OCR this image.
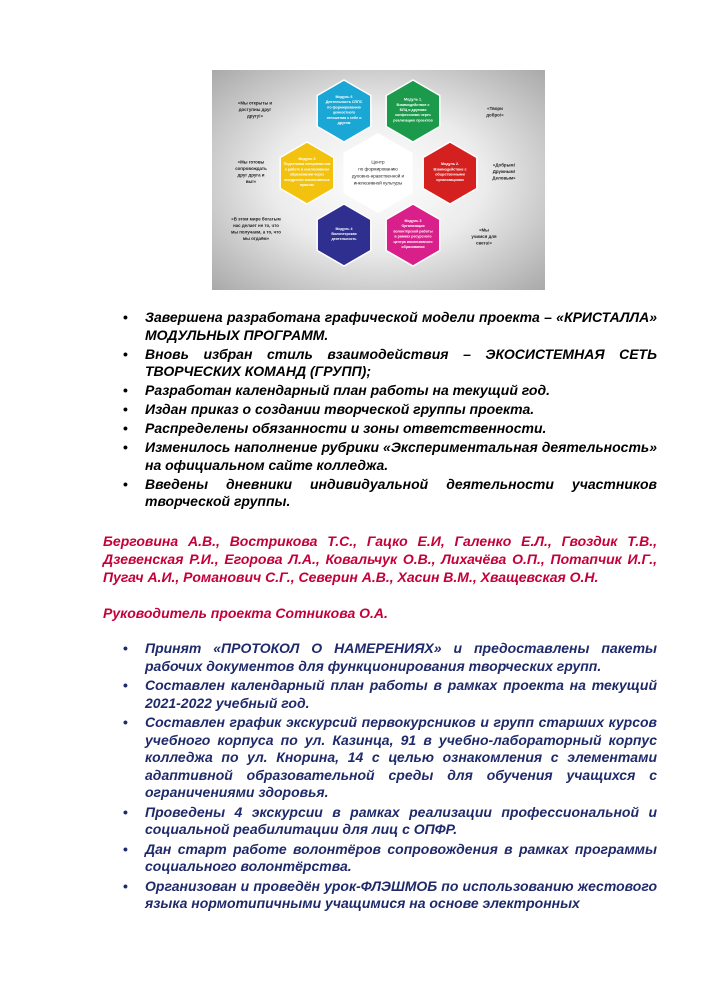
Центр по формированию духовно-нравственной и инклюзивной культуры
Модуль 6 Деятельность СППС по формированию ценностного отношения к себе и другим
Модуль 1. Взаимодействие с БЛЦ и другими конфессиями через реализацию проектов
Модуль 2. Взаимодействие с общественными организациями
Модуль 3 Организация волонтёрской работы в рамках ресурсного центра инклюзивного образования
Модуль 4 Волонтерская деятельность
Модуль 5 Подготовка специалистов к работе в инклюзивном образовании через внедрение инклюзивных практик
«Мы открыты и доступны друг другу!»
«Мы готовы сопровождать друг друга и вы!»
«В этом мире богатым нас делает не то, что мы получаем, а то, что мы отдаём»
«Твори добро!»
«Добрым! Дружным! Деловым»
«Мы учимся для света!»
• Завершена разработана графической модели проекта – «КРИСТАЛЛА» МОДУЛЬНЫХ ПРОГРАММ.
• Вновь избран стиль взаимодействия – ЭКОСИСТЕМНАЯ СЕТЬ ТВОРЧЕСКИХ КОМАНД (ГРУПП);
• Разработан календарный план работы на текущий год.
• Издан приказ о создании творческой группы проекта.
• Распределены обязанности и зоны ответственности.
• Изменилось наполнение рубрики «Экспериментальная деятельность» на официальном сайте колледжа.
• Введены дневники индивидуальной деятельности участников творческой группы.

Берговина А.В., Вострикова Т.С., Гацко Е.И, Галенко Е.Л., Гвоздик Т.В., Дзевенская Р.И., Егорова Л.А., Ковальчук О.В., Лихачёва О.П., Потапчик И.Г., Пугач А.И., Романович С.Г., Северин А.В., Хасин В.М., Хващевская О.Н.

Руководитель проекта Сотникова О.А.

• Принят «ПРОТОКОЛ О НАМЕРЕНИЯХ» и предоставлены пакеты рабочих документов для функционирования творческих групп.
• Составлен календарный план работы в рамках проекта на текущий 2021-2022 учебный год.
• Составлен график экскурсий первокурсников и групп старших курсов учебного корпуса по ул. Казинца, 91 в учебно-лабораторный корпус колледжа по ул. Кнорина, 14 с целью ознакомления с элементами адаптивной образовательной среды для обучения учащихся с ограничениями здоровья.
• Проведены 4 экскурсии в рамках реализации профессиональной и социальной реабилитации для лиц с ОПФР.
• Дан старт работе волонтёров сопровождения в рамках программы социального волонтёрства.
• Организован и проведён урок-ФЛЭШМОБ по использованию жестового языка нормотипичными учащимися на основе электронных
